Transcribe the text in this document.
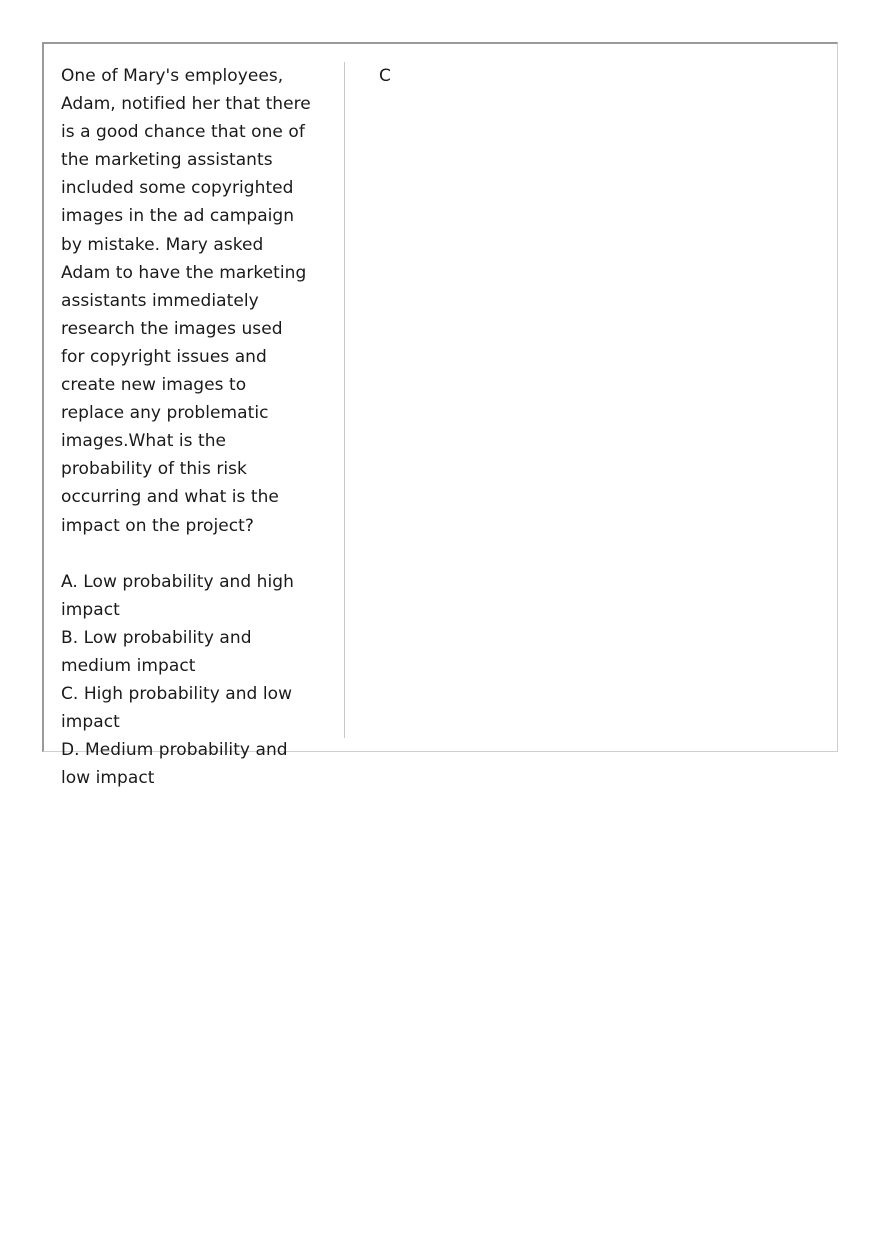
One of Mary's employees, Adam, notified her that there is a good chance that one of the marketing assistants included some copyrighted images in the ad campaign by mistake. Mary asked Adam to have the marketing assistants immediately research the images used for copyright issues and create new images to replace any problematic images.What is the probability of this risk occurring and what is the impact on the project?

A. Low probability and high impact
B. Low probability and medium impact
C. High probability and low impact
D. Medium probability and low impact
C
